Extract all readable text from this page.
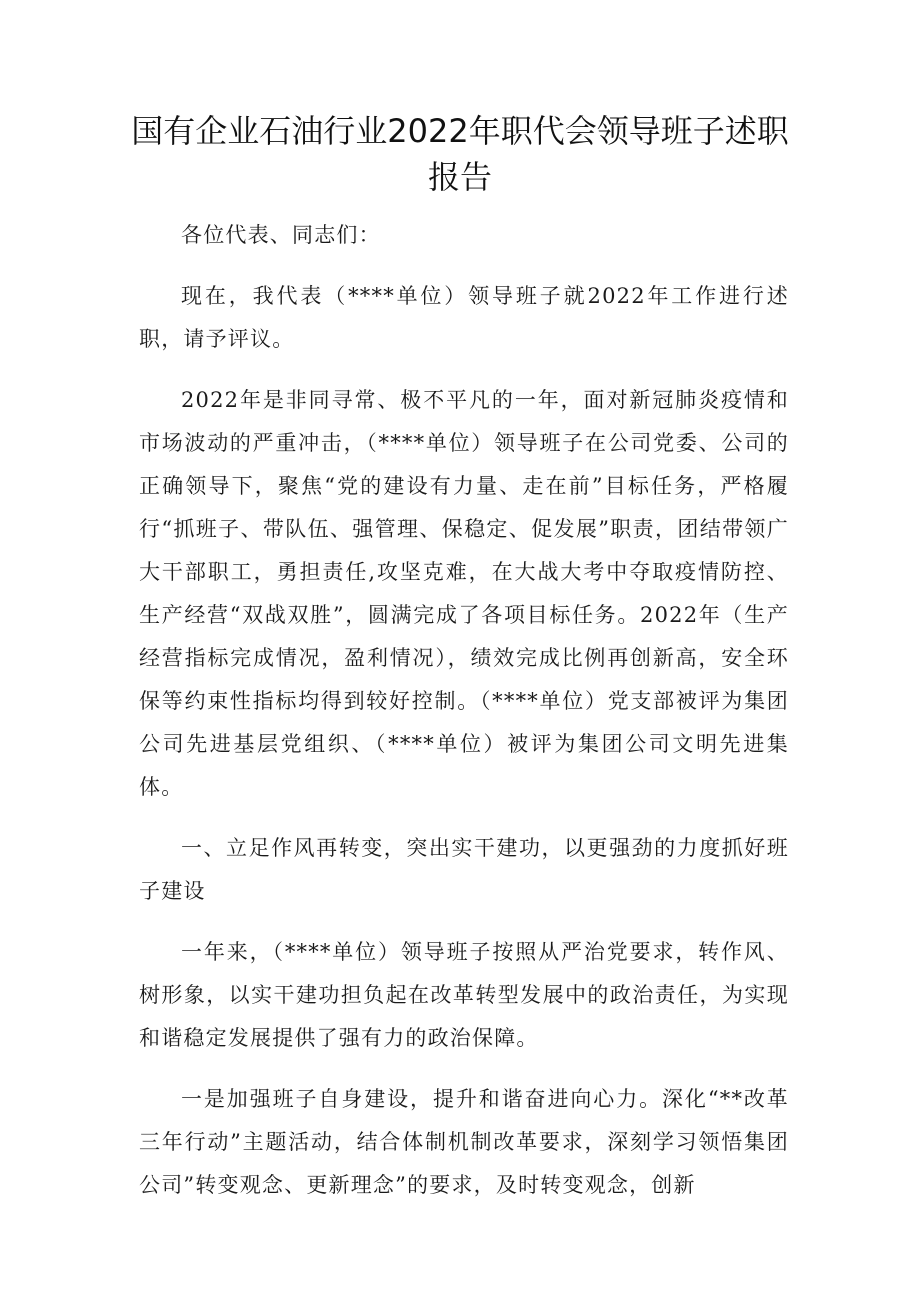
国有企业石油行业2022年职代会领导班子述职报告

各位代表、同志们：

现在，我代表（****单位）领导班子就2022年工作进行述职，请予评议。

2022年是非同寻常、极不平凡的一年，面对新冠肺炎疫情和市场波动的严重冲击，（****单位）领导班子在公司党委、公司的正确领导下，聚焦“党的建设有力量、走在前”目标任务，严格履行“抓班子、带队伍、强管理、保稳定、促发展”职责，团结带领广大干部职工，勇担责任,攻坚克难，在大战大考中夺取疫情防控、生产经营“双战双胜”，圆满完成了各项目标任务。2022年（生产经营指标完成情况，盈利情况），绩效完成比例再创新高，安全环保等约束性指标均得到较好控制。（****单位）党支部被评为集团公司先进基层党组织、（****单位）被评为集团公司文明先进集体。

一、立足作风再转变，突出实干建功，以更强劲的力度抓好班子建设

一年来，（****单位）领导班子按照从严治党要求，转作风、树形象，以实干建功担负起在改革转型发展中的政治责任，为实现和谐稳定发展提供了强有力的政治保障。

一是加强班子自身建设，提升和谐奋进向心力。深化“**改革三年行动”主题活动，结合体制机制改革要求，深刻学习领悟集团公司”转变观念、更新理念”的要求，及时转变观念，创新
